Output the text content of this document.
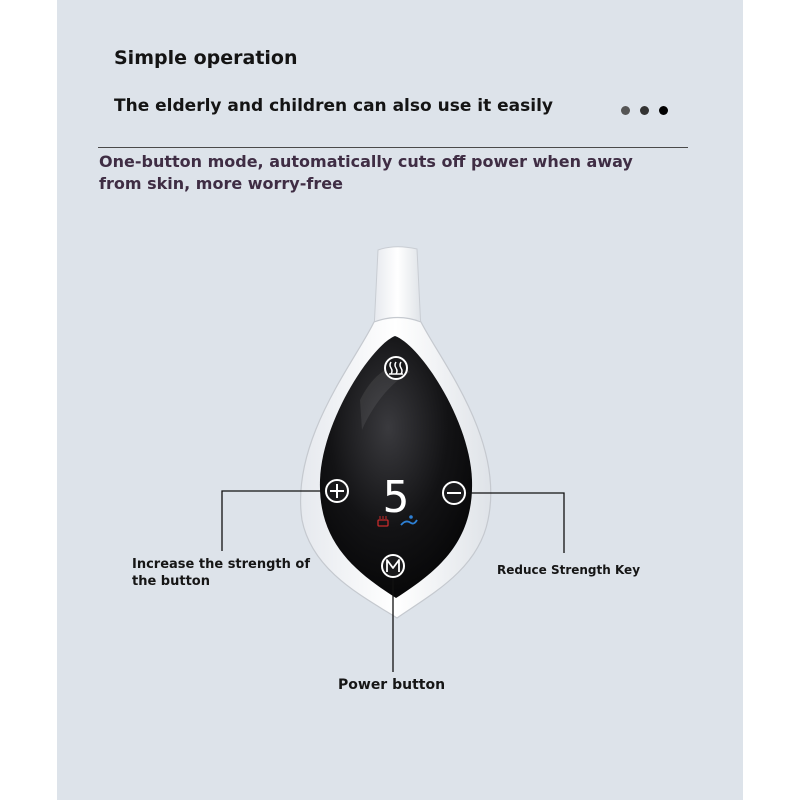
Simple operation
The elderly and children can also use it easily
One-button mode, automatically cuts off power when away from skin, more worry-free
5
Increase the strength of the button
Reduce Strength Key
Power button
